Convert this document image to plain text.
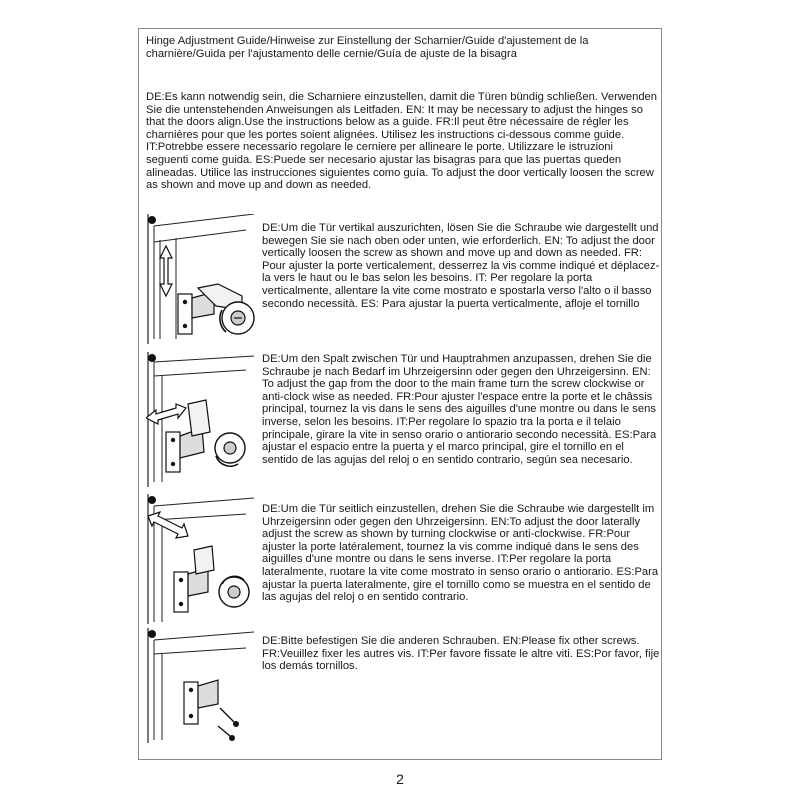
Hinge Adjustment Guide/Hinweise zur Einstellung der Scharnier/Guide d'ajustement de la charnière/Guida per l'ajustamento delle cernie/Guía de ajuste de la bisagra
DE:Es kann notwendig sein, die Scharniere einzustellen, damit die Türen bündig schließen. Verwenden Sie die untenstehenden Anweisungen als Leitfaden. EN: It may be necessary to adjust the hinges so that the doors align.Use the instructions below as a guide. FR:Il peut être nécessaire de régler les charnières pour que les portes soient alignées. Utilisez les instructions ci-dessous comme guide. IT:Potrebbe essere necessario regolare le cerniere per allineare le porte. Utilizzare le istruzioni seguenti come guida. ES:Puede ser necesario ajustar las bisagras para que las puertas queden alineadas. Utilice las instrucciones siguientes como guía. To adjust the door vertically loosen the screw as shown and move up and down as needed.
DE:Um die Tür vertikal auszurichten, lösen Sie die Schraube wie dargestellt und bewegen Sie sie nach oben oder unten, wie erforderlich. EN: To adjust the door vertically loosen the screw as shown and move up and down as needed. FR: Pour ajuster la porte verticalement, desserrez la vis comme indiqué et déplacez-la vers le haut ou le bas selon les besoins. IT: Per regolare la porta verticalmente, allentare la vite come mostrato e spostarla verso l'alto o il basso secondo necessità. ES: Para ajustar la puerta verticalmente, afloje el tornillo
DE:Um den Spalt zwischen Tür und Hauptrahmen anzupassen, drehen Sie die Schraube je nach Bedarf im Uhrzeigersinn oder gegen den Uhrzeigersinn. EN: To adjust the gap from the door to the main frame turn the screw clockwise or anti-clock wise as needed. FR:Pour ajuster l'espace entre la porte et le châssis principal, tournez la vis dans le sens des aiguilles d'une montre ou dans le sens inverse, selon les besoins. IT:Per regolare lo spazio tra la porta e il telaio principale, girare la vite in senso orario o antiorario secondo necessità. ES:Para ajustar el espacio entre la puerta y el marco principal, gire el tornillo en el sentido de las agujas del reloj o en sentido contrario, según sea necesario.
DE:Um die Tür seitlich einzustellen, drehen Sie die Schraube wie dargestellt im Uhrzeigersinn oder gegen den Uhrzeigersinn. EN:To adjust the door laterally adjust the screw as shown by turning clockwise or anti-clockwise. FR:Pour ajuster la porte latéralement, tournez la vis comme indiqué dans le sens des aiguilles d'une montre ou dans le sens inverse. IT:Per regolare la porta lateralmente, ruotare la vite come mostrato in senso orario o antiorario. ES:Para ajustar la puerta lateralmente, gire el tornillo como se muestra en el sentido de las agujas del reloj o en sentido contrario.
DE:Bitte befestigen Sie die anderen Schrauben. EN:Please fix other screws. FR:Veuillez fixer les autres vis. IT:Per favore fissate le altre viti. ES:Por favor, fije los demás tornillos.
2
